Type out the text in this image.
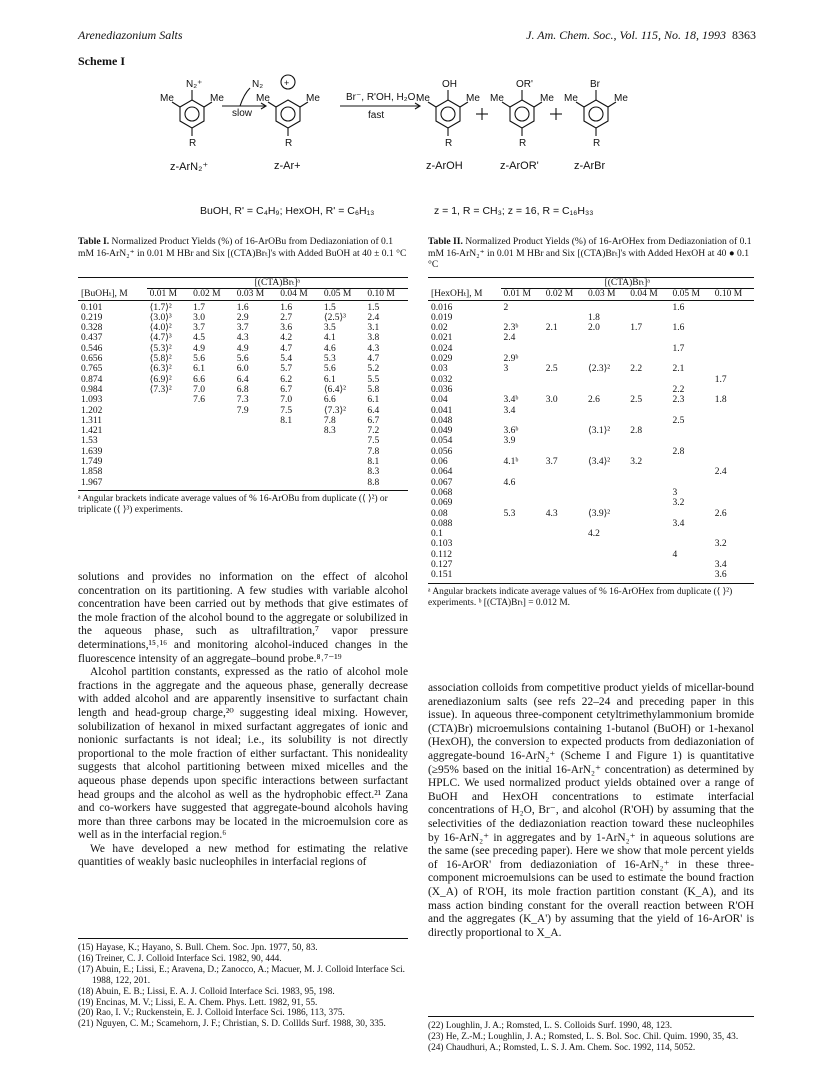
Arenediazonium Salts	J. Am. Chem. Soc., Vol. 115, No. 18, 1993 8363
Scheme I
N₂⁺
Me	Me
R
N₂ +
Me	Me
R
OH
Me	Me
R
OR'
Me	Me
R
Br
Me	Me
R
slow
Br⁻, R'OH, H₂O
fast
z-ArN₂⁺	z-Ar+	z-ArOH	z-ArOR'	z-ArBr
BuOH, R' = C₄H₉; HexOH, R' = C₆H₁₃	z = 1, R = CH₃; z = 16, R = C₁₆H₃₃
Table I. Normalized Product Yields (%) of 16-ArOBu from Dediazoniation of 0.1 mM 16-ArN₂⁺ in 0.01 M HBr and Six [(CTA)Brₜ]'s with Added BuOH at 40 ± 0.1 °C
	[(CTA)Brₜ]ᵃ					
[BuOHₜ], M	0.01 M	0.02 M	0.03 M	0.04 M	0.05 M	0.10 M
0.101	⟨1.7⟩²	1.7	1.6	1.6	1.5	1.5
0.219	⟨3.0⟩³	3.0	2.9	2.7	⟨2.5⟩³	2.4
0.328	⟨4.0⟩²	3.7	3.7	3.6	3.5	3.1
0.437	⟨4.7⟩³	4.5	4.3	4.2	4.1	3.8
0.546	⟨5.3⟩²	4.9	4.9	4.7	4.6	4.3
0.656	⟨5.8⟩²	5.6	5.6	5.4	5.3	4.7
0.765	⟨6.3⟩²	6.1	6.0	5.7	5.6	5.2
0.874	⟨6.9⟩²	6.6	6.4	6.2	6.1	5.5
0.984	⟨7.3⟩²	7.0	6.8	6.7	⟨6.4⟩²	5.8
1.093		7.6	7.3	7.0	6.6	6.1
1.202			7.9	7.5	⟨7.3⟩²	6.4
1.311				8.1	7.8	6.7
1.421					8.3	7.2
1.53						7.5
1.639						7.8
1.749						8.1
1.858						8.3
1.967						8.8
ᵃ Angular brackets indicate average values of % 16-ArOBu from duplicate (⟨ ⟩²) or triplicate (⟨ ⟩³) experiments.
Table II. Normalized Product Yields (%) of 16-ArOHex from Dediazoniation of 0.1 mM 16-ArN₂⁺ in 0.01 M HBr and Six [(CTA)Brₜ]'s with Added HexOH at 40 ● 0.1 °C
	[(CTA)Brₜ]ᵃ					
[HexOHₜ], M	0.01 M	0.02 M	0.03 M	0.04 M	0.05 M	0.10 M
0.016	2				1.6	
0.019			1.8			
0.02	2.3ᵇ	2.1	2.0	1.7	1.6	
0.021	2.4					
0.024					1.7	
0.029	2.9ᵇ					
0.03	3	2.5	⟨2.3⟩²	2.2	2.1	
0.032						1.7
0.036					2.2	
0.04	3.4ᵇ	3.0	2.6	2.5	2.3	1.8
0.041	3.4					
0.048					2.5	
0.049	3.6ᵇ		⟨3.1⟩²	2.8		
0.054	3.9					
0.056					2.8	
0.06	4.1ᵇ	3.7	⟨3.4⟩²	3.2		
0.064						2.4
0.067	4.6					
0.068					3	
0.069					3.2	
0.08	5.3	4.3	⟨3.9⟩²			2.6
0.088					3.4	
0.1			4.2			
0.103						3.2
0.112					4	
0.127						3.4
0.151						3.6
ᵃ Angular brackets indicate average values of % 16-ArOHex from duplicate (⟨ ⟩²) experiments. ᵇ [(CTA)Brₜ] = 0.012 M.

solutions and provides no information on the effect of alcohol concentration on its partitioning. A few studies with variable alcohol concentration have been carried out by methods that give estimates of the mole fraction of the alcohol bound to the aggregate or solubilized in the aqueous phase, such as ultrafiltration,⁷ vapor pressure determinations,¹⁵˒¹⁶ and monitoring alcohol-induced changes in the fluorescence intensity of an aggregate–bound probe.⁸˒⁷⁻¹⁹

Alcohol partition constants, expressed as the ratio of alcohol mole fractions in the aggregate and the aqueous phase, generally decrease with added alcohol and are apparently insensitive to surfactant chain length and head-group charge,²⁰ suggesting ideal mixing. However, solubilization of hexanol in mixed surfactant aggregates of ionic and nonionic surfactants is not ideal; i.e., its solubility is not directly proportional to the mole fraction of either surfactant. This nonideality suggests that alcohol partitioning between mixed micelles and the aqueous phase depends upon specific interactions between surfactant head groups and the alcohol as well as the hydrophobic effect.²¹ Zana and co-workers have suggested that aggregate-bound alcohols having more than three carbons may be located in the microemulsion core as well as in the interfacial region.⁶

We have developed a new method for estimating the relative quantities of weakly basic nucleophiles in interfacial regions of

(15) Hayase, K.; Hayano, S. Bull. Chem. Soc. Jpn. 1977, 50, 83.
(16) Treiner, C. J. Colloid Interface Sci. 1982, 90, 444.
(17) Abuin, E.; Lissi, E.; Aravena, D.; Zanocco, A.; Macuer, M. J. Colloid Interface Sci. 1988, 122, 201.
(18) Abuin, E. B.; Lissi, E. A. J. Colloid Interface Sci. 1983, 95, 198.
(19) Encinas, M. V.; Lissi, E. A. Chem. Phys. Lett. 1982, 91, 55.
(20) Rao, I. V.; Ruckenstein, E. J. Colloid Interface Sci. 1986, 113, 375.
(21) Nguyen, C. M.; Scamehorn, J. F.; Christian, S. D. Colllds Surf. 1988, 30, 335.

association colloids from competitive product yields of micellar-bound arenediazonium salts (see refs 22–24 and preceding paper in this issue). In aqueous three-component cetyltrimethylammonium bromide (CTA)Br) microemulsions containing 1-butanol (BuOH) or 1-hexanol (HexOH), the conversion to expected products from dediazoniation of aggregate-bound 16-ArN₂⁺ (Scheme I and Figure 1) is quantitative (≥95% based on the initial 16-ArN₂⁺ concentration) as determined by HPLC. We used normalized product yields obtained over a range of BuOH and HexOH concentrations to estimate interfacial concentrations of H₂O, Br⁻, and alcohol (R'OH) by assuming that the selectivities of the dediazoniation reaction toward these nucleophiles by 16-ArN₂⁺ in aggregates and by 1-ArN₂⁺ in aqueous solutions are the same (see preceding paper). Here we show that mole percent yields of 16-ArOR' from dediazoniation of 16-ArN₂⁺ in these three-component microemulsions can be used to estimate the bound fraction (X_A) of R'OH, its mole fraction partition constant (K_A), and its mass action binding constant for the overall reaction between R'OH and the aggregates (K_A') by assuming that the yield of 16-ArOR' is directly proportional to X_A.

(22) Loughlin, J. A.; Romsted, L. S. Colloids Surf. 1990, 48, 123.
(23) He, Z.-M.; Loughlin, J. A.; Romsted, L. S. Bol. Soc. Chil. Quim. 1990, 35, 43.
(24) Chaudhuri, A.; Romsted, L. S. J. Am. Chem. Soc. 1992, 114, 5052.
